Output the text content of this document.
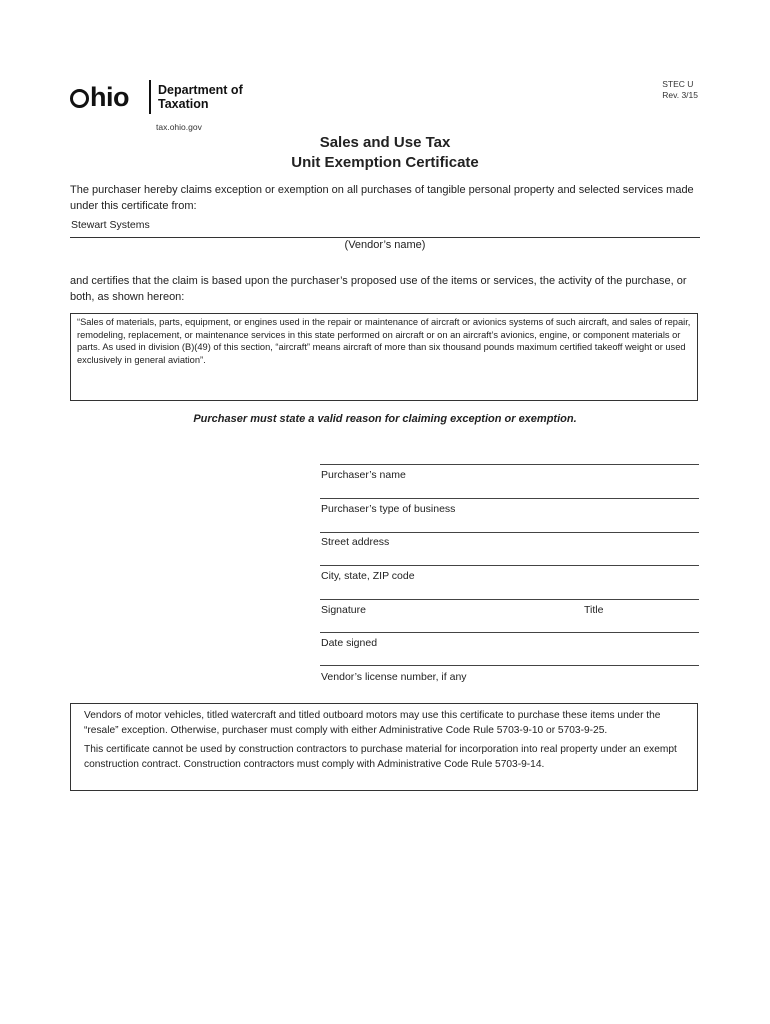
hio Department of
Taxation
tax.ohio.gov
STEC U
Rev. 3/15
Sales and Use Tax
Unit Exemption Certificate
The purchaser hereby claims exception or exemption on all purchases of tangible personal property and selected services made under this certificate from:
Stewart Systems
(Vendor’s name)
and certifies that the claim is based upon the purchaser’s proposed use of the items or services, the activity of the purchase, or both, as shown hereon:
“Sales of materials, parts, equipment, or engines used in the repair or maintenance of aircraft or avionics systems of such aircraft, and sales of repair, remodeling, replacement, or maintenance services in this state performed on aircraft or on an aircraft’s avionics, engine, or component materials or parts. As used in division (B)(49) of this section, “aircraft” means aircraft of more than six thousand pounds maximum certified takeoff weight or used exclusively in general aviation”.
Purchaser must state a valid reason for claiming exception or exemption.
Purchaser’s name
Purchaser’s type of business
Street address
City, state, ZIP code
Signature	Title
Date signed
Vendor’s license number, if any

Vendors of motor vehicles, titled watercraft and titled outboard motors may use this certificate to purchase these items under the “resale” exception. Otherwise, purchaser must comply with either Administrative Code Rule 5703-9-10 or 5703-9-25.

This certificate cannot be used by construction contractors to purchase material for incorporation into real property under an exempt construction contract. Construction contractors must comply with Administrative Code Rule 5703-9-14.
